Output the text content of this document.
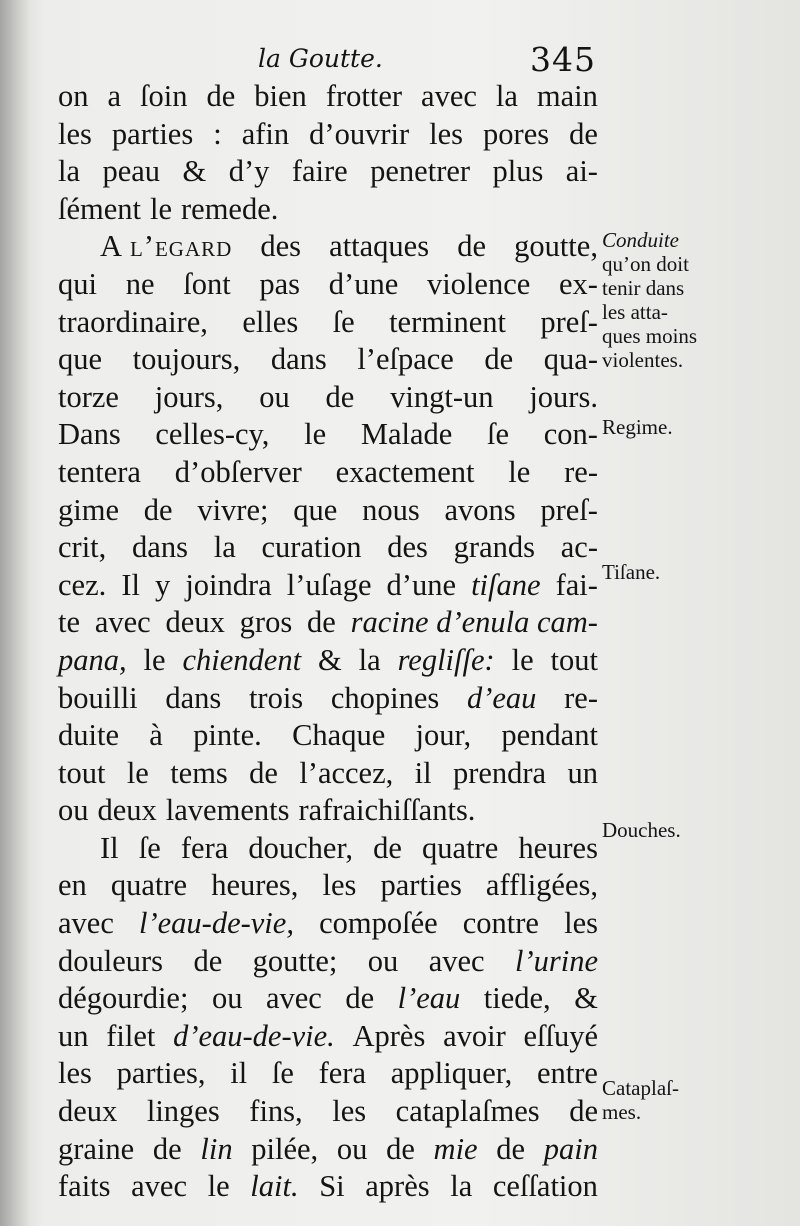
la Goutte.	345
on a ſoin de bien frotter avec la main
les parties : afin d’ouvrir les pores de
la peau & d’y faire penetrer plus ai-
ſément le remede.
A l’egard des attaques de goutte,
qui ne ſont pas d’une violence ex-
traordinaire, elles ſe terminent preſ-
que toujours, dans l’eſpace de qua-
torze jours, ou de vingt-un jours.
Dans celles-cy, le Malade ſe con-
tentera d’obſerver exactement le re-
gime de vivre; que nous avons preſ-
crit, dans la curation des grands ac-
cez. Il y joindra l’uſage d’une tiſane fai-
te avec deux gros de racine d’enula cam-
pana, le chiendent & la regliſſe: le tout
bouilli dans trois chopines d’eau re-
duite à pinte. Chaque jour, pendant
tout le tems de l’accez, il prendra un
ou deux lavements rafraichiſſants.
Il ſe fera doucher, de quatre heures
en quatre heures, les parties affligées,
avec l’eau-de-vie, compoſée contre les
douleurs de goutte; ou avec l’urine
dégourdie; ou avec de l’eau tiede, &
un filet d’eau-de-vie. Après avoir eſſuyé
les parties, il ſe fera appliquer, entre
deux linges fins, les cataplaſmes de
graine de lin pilée, ou de mie de pain
faits avec le lait. Si après la ceſſation
Conduite
qu’on doit
tenir dans
les atta-
ques moins
violentes.
Regime.
Tiſane.
Douches.
Cataplaſ-
mes.
